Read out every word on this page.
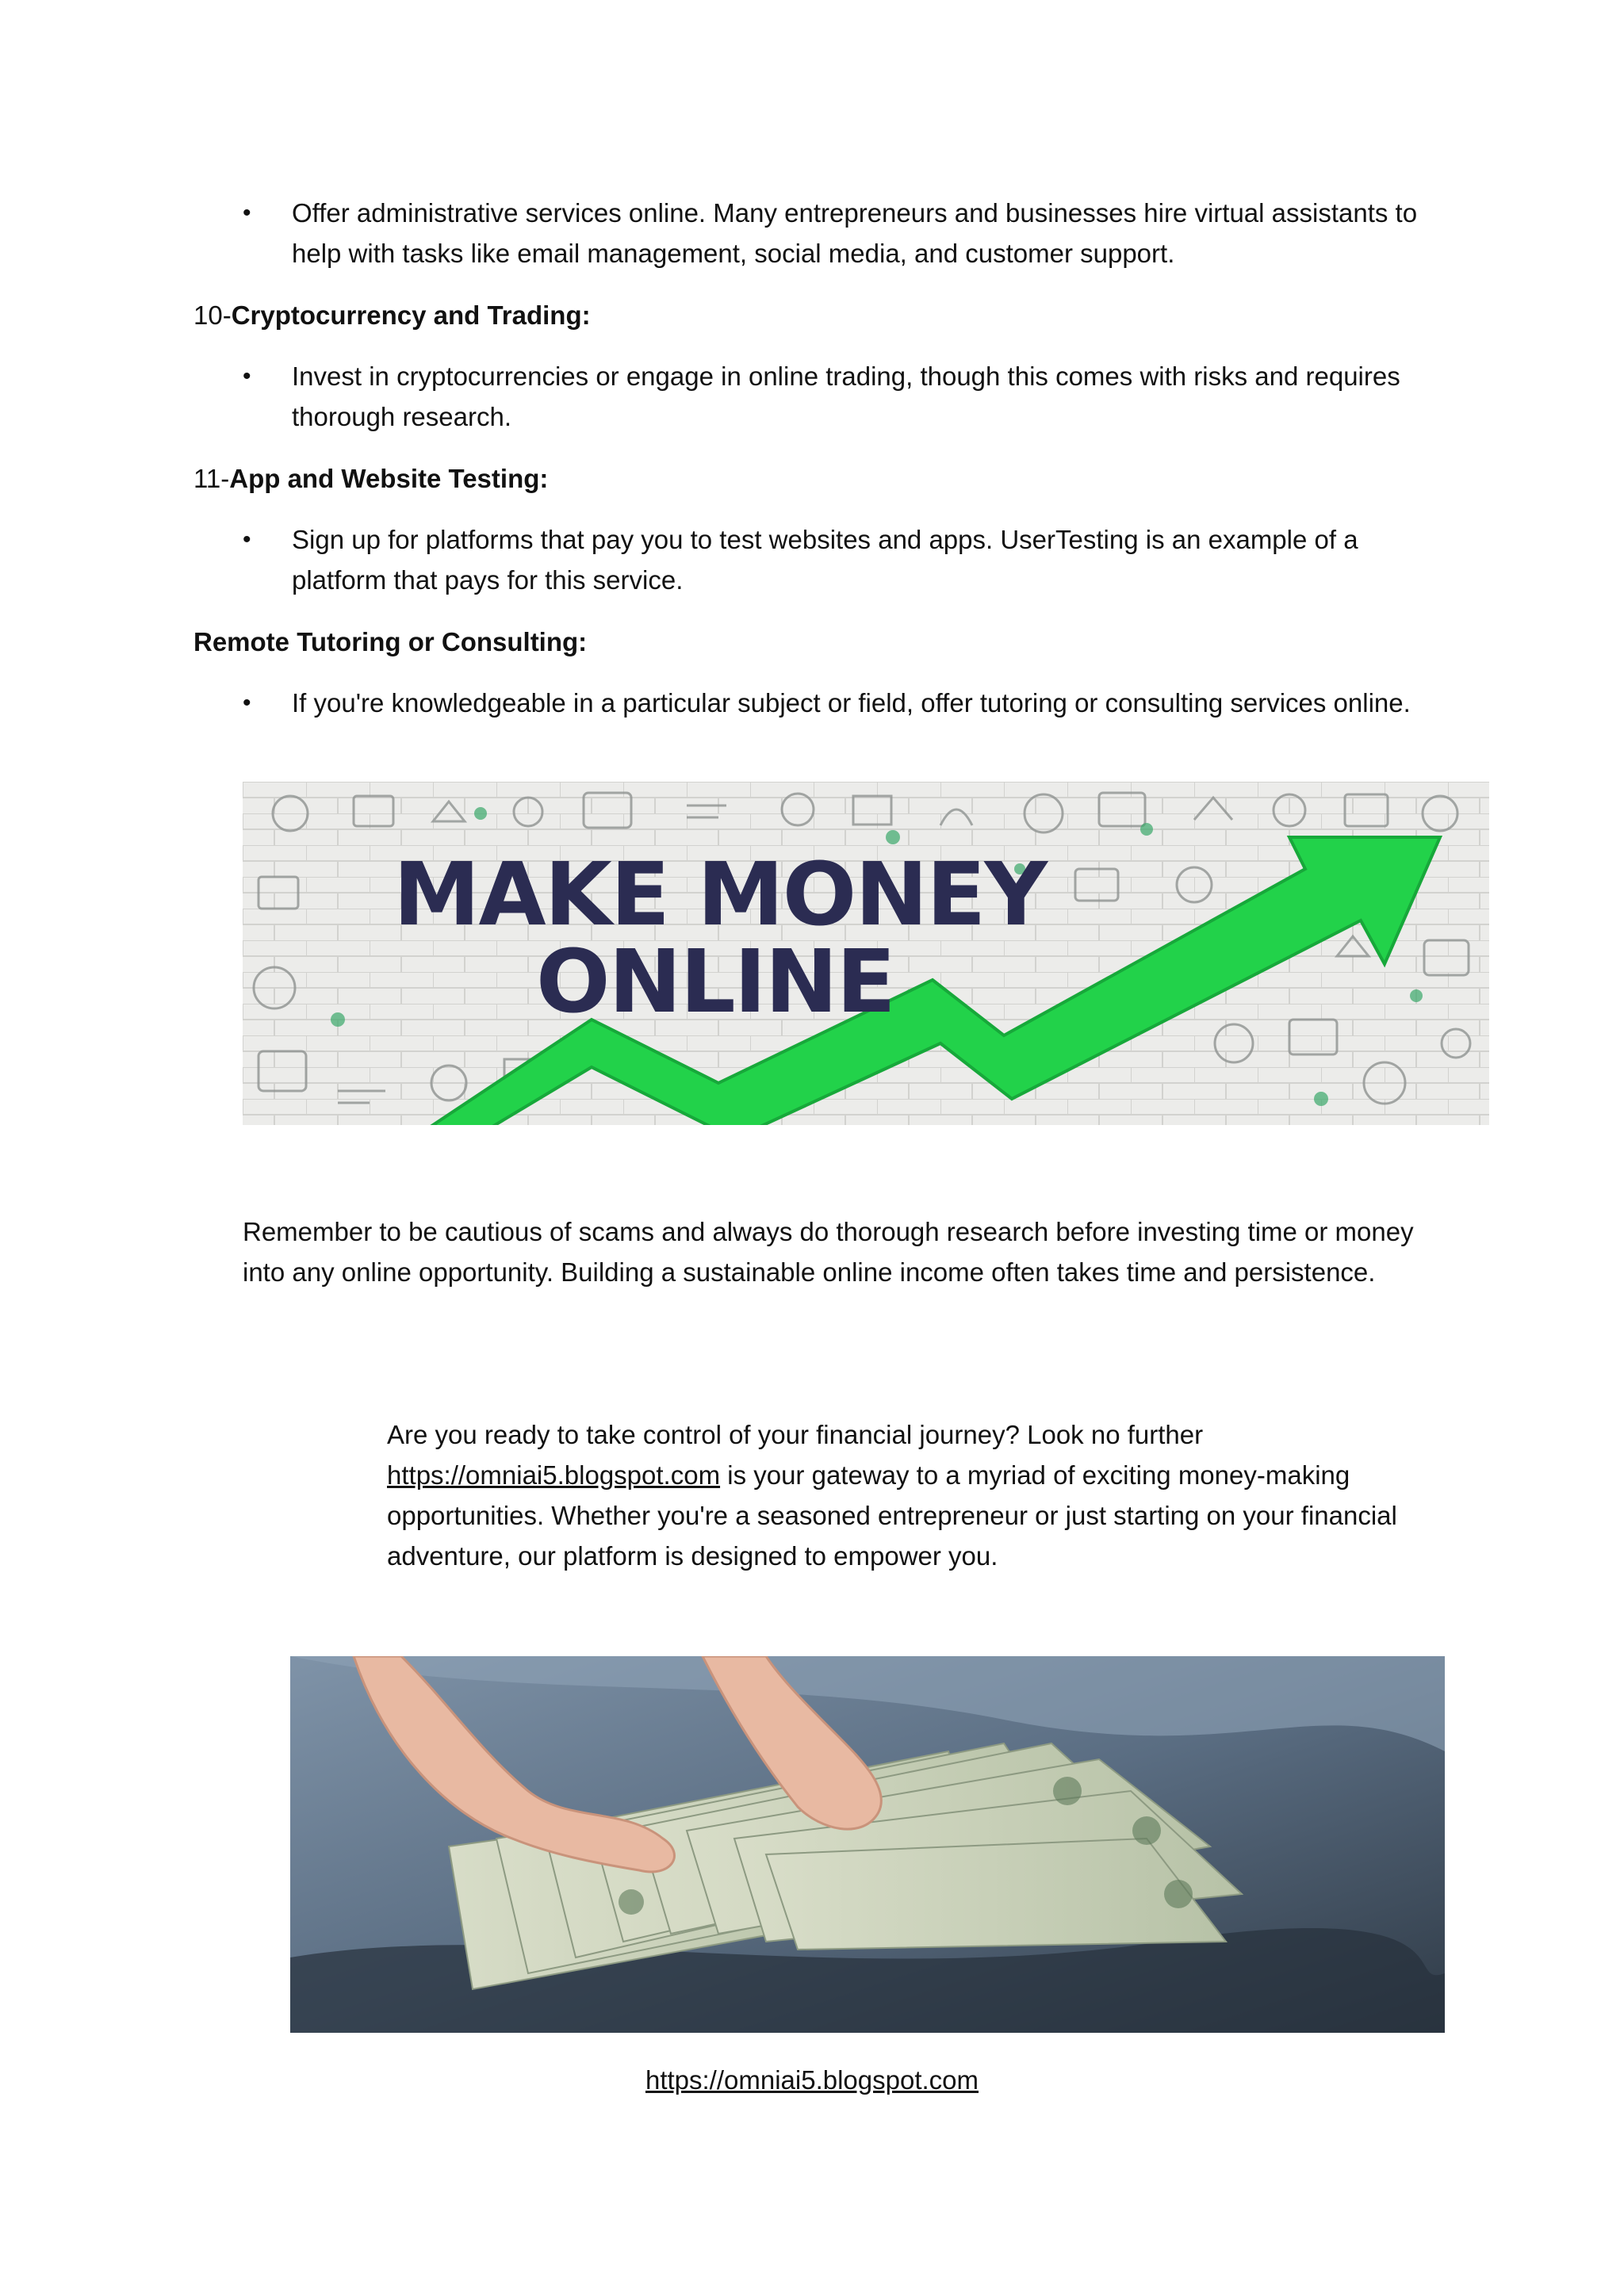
•	Offer administrative services online. Many entrepreneurs and businesses hire virtual assistants to help with tasks like email management, social media, and customer support.
10-Cryptocurrency and Trading:
•	Invest in cryptocurrencies or engage in online trading, though this comes with risks and requires thorough research.
11-App and Website Testing:
•	Sign up for platforms that pay you to test websites and apps. UserTesting is an example of a platform that pays for this service.
Remote Tutoring or Consulting:
•	If you're knowledgeable in a particular subject or field, offer tutoring or consulting services online.
MAKE MONEY
ONLINE
Remember to be cautious of scams and always do thorough research before investing time or money into any online opportunity. Building a sustainable online income often takes time and persistence.
Are you ready to take control of your financial journey? Look no further
https://omniai5.blogspot.com is your gateway to a myriad of exciting money-making opportunities. Whether you're a seasoned entrepreneur or just starting on your financial adventure, our platform is designed to empower you.
https://omniai5.blogspot.com
